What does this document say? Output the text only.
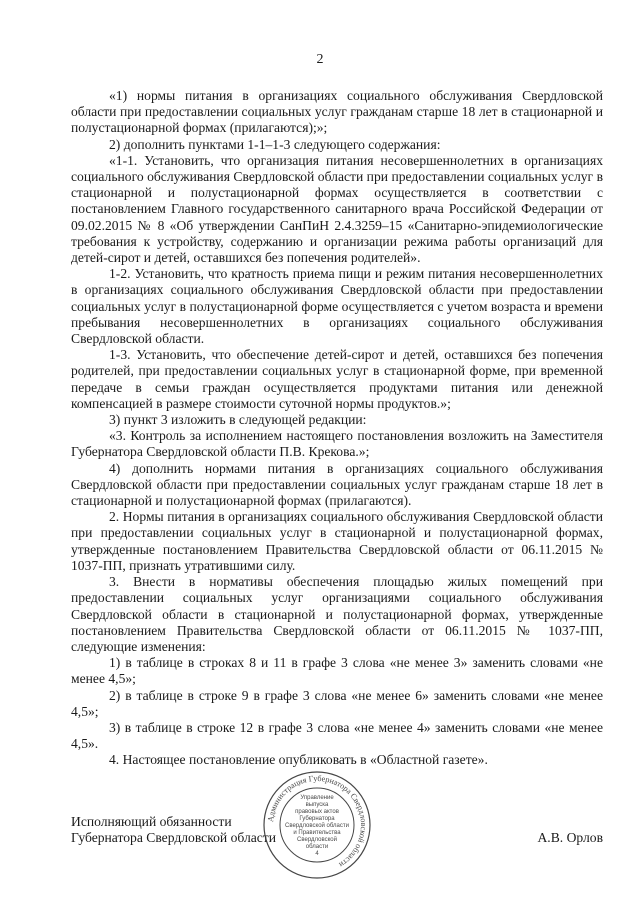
2

«1) нормы питания в организациях социального обслуживания Свердловской области при предоставлении социальных услуг гражданам старше 18 лет в стационарной и полустационарной формах (прилагаются);»;

2) дополнить пунктами 1-1–1-3 следующего содержания:

«1-1. Установить, что организация питания несовершеннолетних в организациях социального обслуживания Свердловской области при предоставлении социальных услуг в стационарной и полустационарной формах осуществляется в соответствии с постановлением Главного государственного санитарного врача Российской Федерации от 09.02.2015 № 8 «Об утверждении СанПиН 2.4.3259–15 «Санитарно-эпидемиологические требования к устройству, содержанию и организации режима работы организаций для детей-сирот и детей, оставшихся без попечения родителей».

1-2. Установить, что кратность приема пищи и режим питания несовершеннолетних в организациях социального обслуживания Свердловской области при предоставлении социальных услуг в полустационарной форме осуществляется с учетом возраста и времени пребывания несовершеннолетних в организациях социального обслуживания Свердловской области.

1-3. Установить, что обеспечение детей-сирот и детей, оставшихся без попечения родителей, при предоставлении социальных услуг в стационарной форме, при временной передаче в семьи граждан осуществляется продуктами питания или денежной компенсацией в размере стоимости суточной нормы продуктов.»;

3) пункт 3 изложить в следующей редакции:

«3. Контроль за исполнением настоящего постановления возложить на Заместителя Губернатора Свердловской области П.В. Крекова.»;

4) дополнить нормами питания в организациях социального обслуживания Свердловской области при предоставлении социальных услуг гражданам старше 18 лет в стационарной и полустационарной формах (прилагаются).

2. Нормы питания в организациях социального обслуживания Свердловской области при предоставлении социальных услуг в стационарной и полустационарной формах, утвержденные постановлением Правительства Свердловской области от 06.11.2015 № 1037-ПП, признать утратившими силу.

3. Внести в нормативы обеспечения площадью жилых помещений при предоставлении социальных услуг организациями социального обслуживания Свердловской области в стационарной и полустационарной формах, утвержденные постановлением Правительства Свердловской области от 06.11.2015 № 1037-ПП, следующие изменения:

1) в таблице в строках 8 и 11 в графе 3 слова «не менее 3» заменить словами «не менее 4,5»;

2) в таблице в строке 9 в графе 3 слова «не менее 6» заменить словами «не менее 4,5»;

3) в таблице в строке 12 в графе 3 слова «не менее 4» заменить словами «не менее 4,5».

4. Настоящее постановление опубликовать в «Областной газете».

Исполняющий обязанности
Губернатора Свердловской области	А.В. Орлов
Администрация Губернатора Свердловской области
Управление
выпуска
правовых актов
Губернатора
Свердловской области
и Правительства
Свердловской
области
4
